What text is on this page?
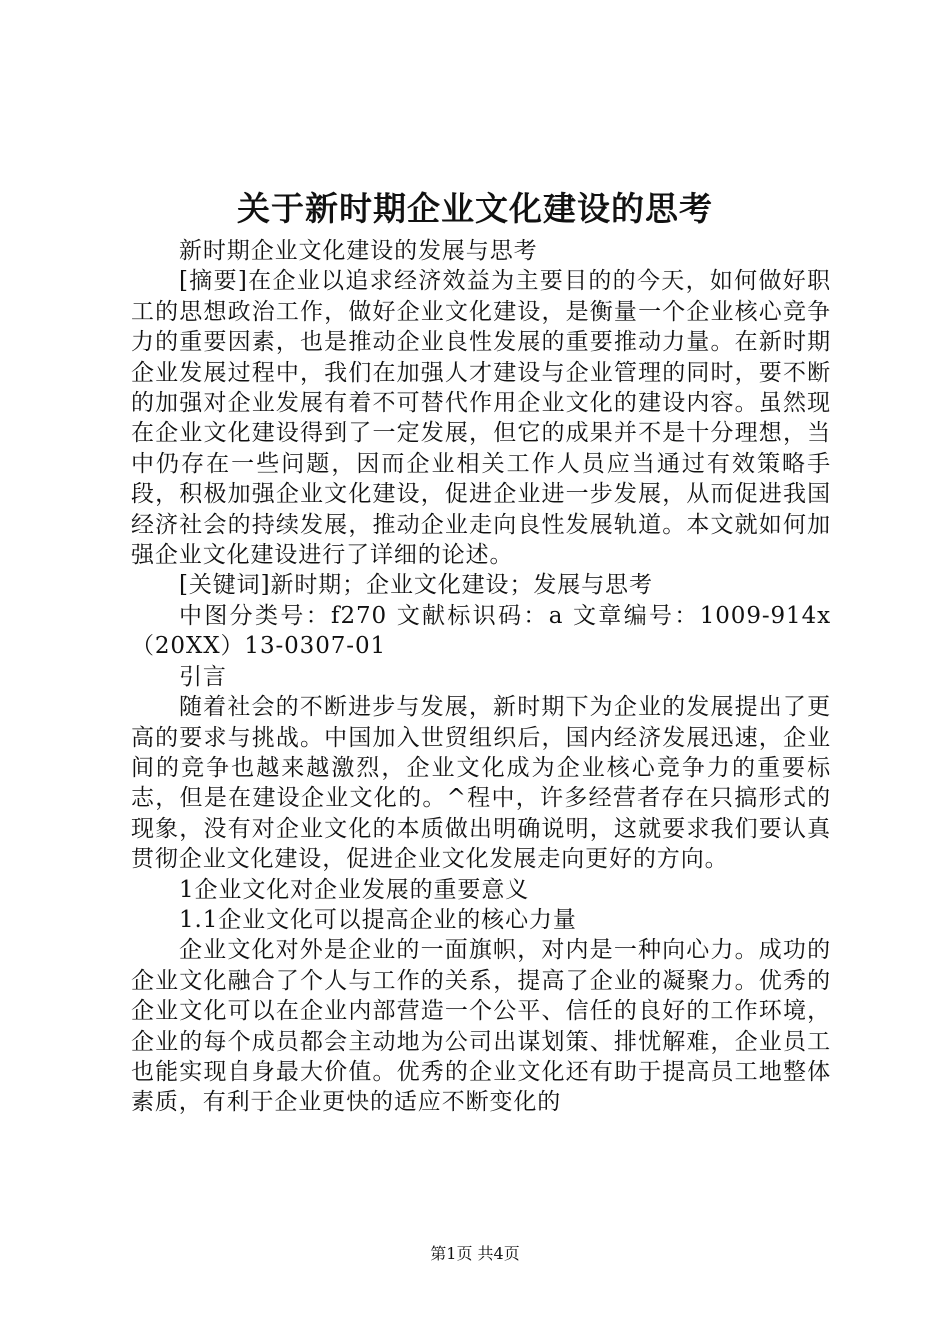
关于新时期企业文化建设的思考

新时期企业文化建设的发展与思考

[摘要]在企业以追求经济效益为主要目的的今天，如何做好职工的思想政治工作，做好企业文化建设，是衡量一个企业核心竞争力的重要因素，也是推动企业良性发展的重要推动力量。在新时期企业发展过程中，我们在加强人才建设与企业管理的同时，要不断的加强对企业发展有着不可替代作用企业文化的建设内容。虽然现在企业文化建设得到了一定发展，但它的成果并不是十分理想，当中仍存在一些问题，因而企业相关工作人员应当通过有效策略手段，积极加强企业文化建设，促进企业进一步发展，从而促进我国经济社会的持续发展，推动企业走向良性发展轨道。本文就如何加强企业文化建设进行了详细的论述。

[关键词]新时期；企业文化建设；发展与思考

中图分类号：f270 文献标识码：a 文章编号：1009-914x（20XX）13-0307-01

引言

随着社会的不断进步与发展，新时期下为企业的发展提出了更高的要求与挑战。中国加入世贸组织后，国内经济发展迅速，企业间的竞争也越来越激烈，企业文化成为企业核心竞争力的重要标志，但是在建设企业文化的。^程中，许多经营者存在只搞形式的现象，没有对企业文化的本质做出明确说明，这就要求我们要认真贯彻企业文化建设，促进企业文化发展走向更好的方向。

1企业文化对企业发展的重要意义

1.1企业文化可以提高企业的核心力量

企业文化对外是企业的一面旗帜，对内是一种向心力。成功的企业文化融合了个人与工作的关系，提高了企业的凝聚力。优秀的企业文化可以在企业内部营造一个公平、信任的良好的工作环境，企业的每个成员都会主动地为公司出谋划策、排忧解难，企业员工也能实现自身最大价值。优秀的企业文化还有助于提高员工地整体素质，有利于企业更快的适应不断变化的

第1页 共4页
